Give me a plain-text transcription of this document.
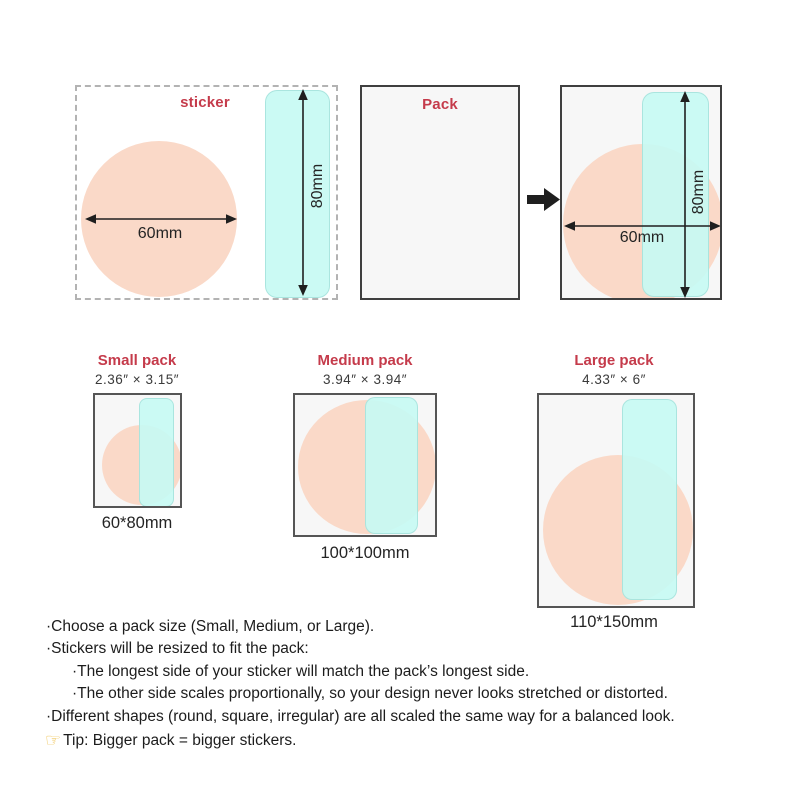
sticker
60mm
80mm
Pack
60mm
80mm
Small pack
2.36″ × 3.15″
60*80mm
Medium pack
3.94″ × 3.94″
100*100mm
Large pack
4.33″ × 6″
110*150mm
·Choose a pack size (Small, Medium, or Large).
·Stickers will be resized to fit the pack:
·The longest side of your sticker will match the pack’s longest side.
·The other side scales proportionally, so your design never looks stretched or distorted.
·Different shapes (round, square, irregular) are all scaled the same way for a balanced look.
☞ Tip: Bigger pack = bigger stickers.
